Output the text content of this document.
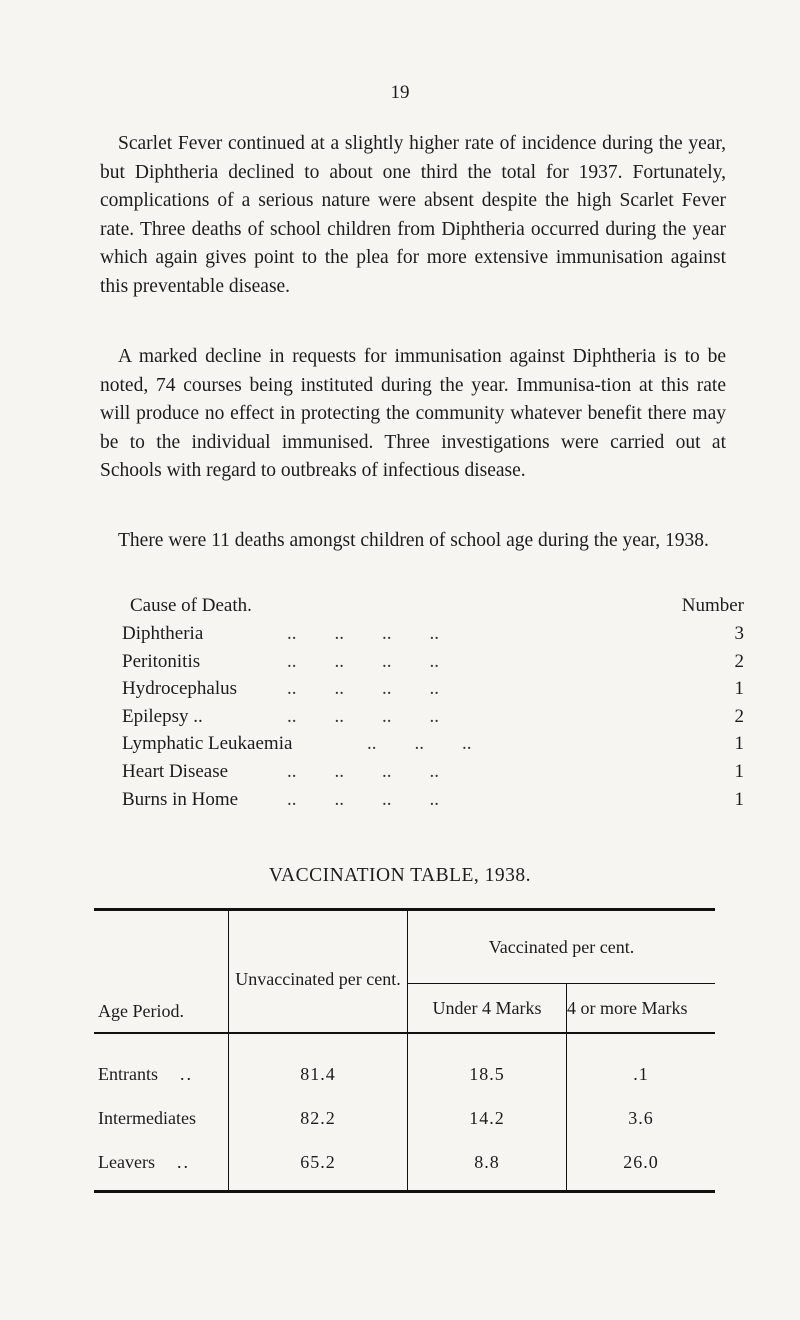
19

Scarlet Fever continued at a slightly higher rate of incidence during the year, but Diphtheria declined to about one third the total for 1937. Fortunately, complications of a serious nature were absent despite the high Scarlet Fever rate. Three deaths of school children from Diphtheria occurred during the year which again gives point to the plea for more extensive immunisation against this preventable disease.

A marked decline in requests for immunisation against Diphtheria is to be noted, 74 courses being instituted during the year. Immunisa-tion at this rate will produce no effect in protecting the community whatever benefit there may be to the individual immunised. Three investigations were carried out at Schools with regard to outbreaks of infectious disease.

There were 11 deaths amongst children of school age during the year, 1938.

Cause of Death.	Number
Diphtheria	..        ..        ..        ..	3
Peritonitis	..        ..        ..        ..	2
Hydrocephalus	..        ..        ..        ..	1
Epilepsy ..	..        ..        ..        ..	2
Lymphatic Leukaemia	..        ..        ..	1
Heart Disease	..        ..        ..        ..	1
Burns in Home	..        ..        ..        ..	1
VACCINATION TABLE, 1938.
Age Period.	Unvaccinated per cent.	Vaccinated per cent.	
		Under 4 Marks	4 or more Marks
Entrants ..	81.4	18.5	.1
Intermediates	82.2	14.2	3.6
Leavers ..	65.2	8.8	26.0
